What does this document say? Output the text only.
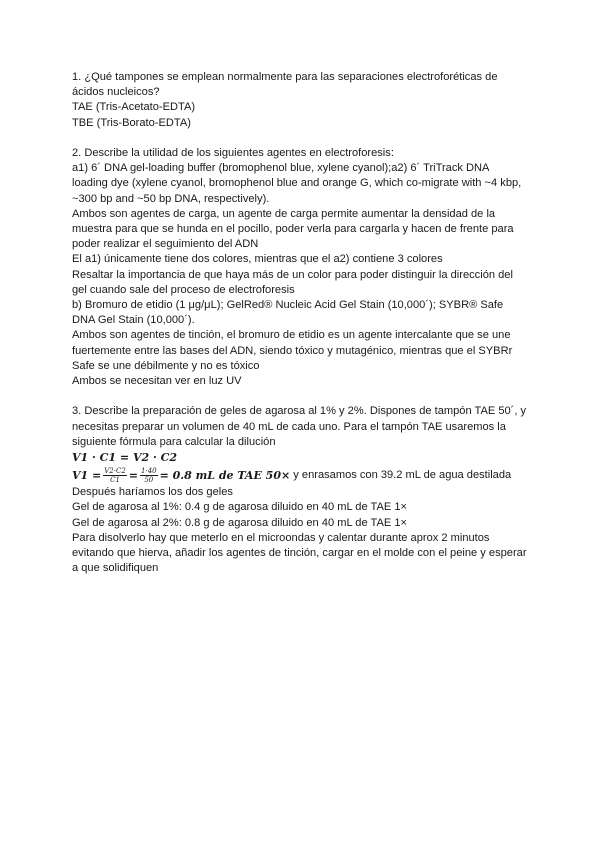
1. ¿Qué tampones se emplean normalmente para las separaciones electroforéticas de
ácidos nucleicos?
TAE (Tris-Acetato-EDTA)
TBE (Tris-Borato-EDTA)
2. Describe la utilidad de los siguientes agentes en electroforesis:
a1) 6´ DNA gel-loading buffer (bromophenol blue, xylene cyanol);a2) 6´ TriTrack DNA
loading dye (xylene cyanol, bromophenol blue and orange G, which co-migrate with ~4 kbp,
~300 bp and ~50 bp DNA, respectively).
Ambos son agentes de carga, un agente de carga permite aumentar la densidad de la
muestra para que se hunda en el pocillo, poder verla para cargarla y hacen de frente para
poder realizar el seguimiento del ADN
El a1) únicamente tiene dos colores, mientras que el a2) contiene 3 colores
Resaltar la importancia de que haya más de un color para poder distinguir la dirección del
gel cuando sale del proceso de electroforesis
b) Bromuro de etidio (1 μg/μL); GelRed® Nucleic Acid Gel Stain (10,000´); SYBR® Safe
DNA Gel Stain (10,000´).
Ambos son agentes de tinción, el bromuro de etidio es un agente intercalante que se une
fuertemente entre las bases del ADN, siendo tóxico y mutagénico, mientras que el SYBRr
Safe se une débilmente y no es tóxico
Ambos se necesitan ver en luz UV
3. Describe la preparación de geles de agarosa al 1% y 2%. Dispones de tampón TAE 50´, y
necesitas preparar un volumen de 40 mL de cada uno. Para el tampón TAE usaremos la
siguiente fórmula para calcular la dilución
V1 · C1 = V2 · C2
$V1 = \frac{V2\cdot C2}{C1} = \frac{1\cdot 40}{50} = 0.8$ mL de TAE 50× y enrasamos con 39.2 mL de agua destilada
Después haríamos los dos geles
Gel de agarosa al 1%: 0.4 g de agarosa diluido en 40 mL de TAE 1×
Gel de agarosa al 2%: 0.8 g de agarosa diluido en 40 mL de TAE 1×
Para disolverlo hay que meterlo en el microondas y calentar durante aprox 2 minutos
evitando que hierva, añadir los agentes de tinción, cargar en el molde con el peine y esperar
a que solidifiquen
